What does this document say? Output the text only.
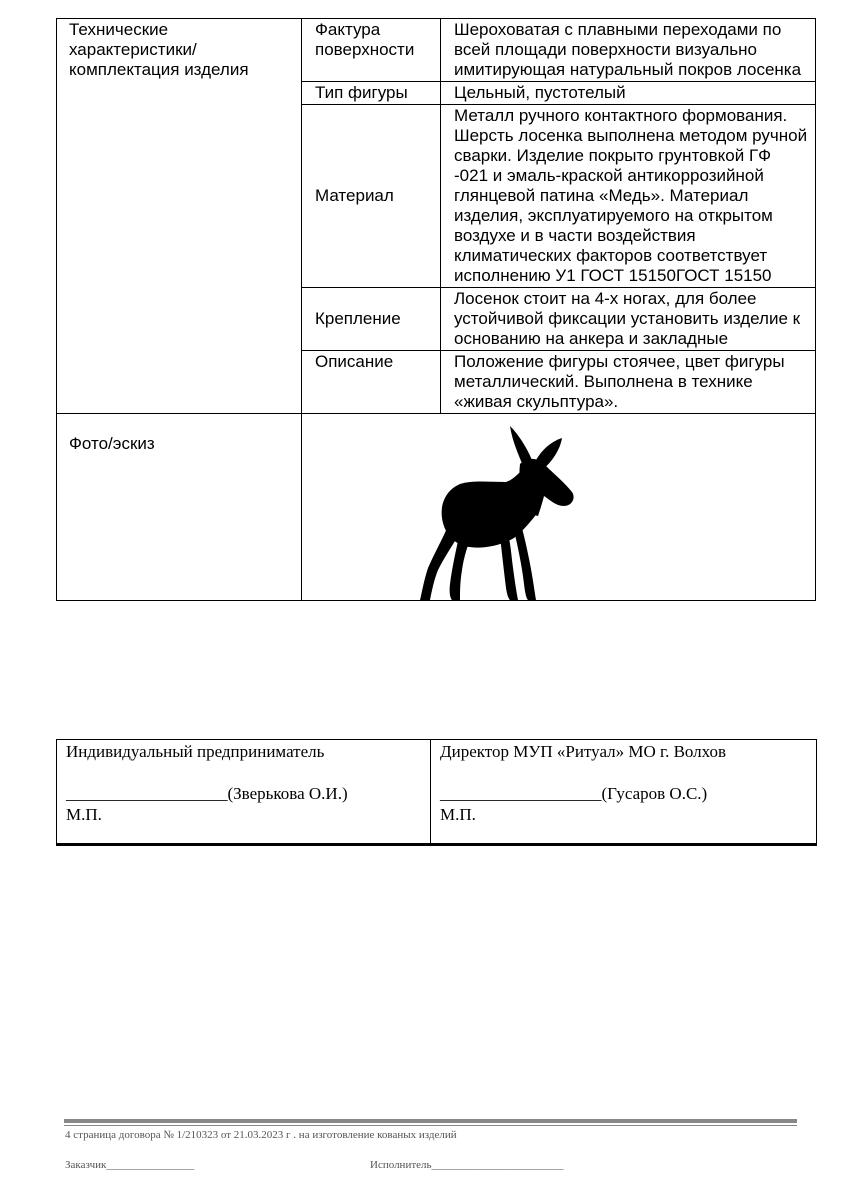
Технические характеристики/ комплектация изделия	Фактура поверхности	Шероховатая с плавными переходами по всей площади поверхности визуально имитирующая натуральный покров лосенка
	Тип фигуры	Цельный, пустотелый
	Материал	Металл ручного контактного формования. Шерсть лосенка выполнена методом ручной сварки. Изделие покрыто грунтовкой ГФ -021 и эмаль-краской антикоррозийной глянцевой патина «Медь». Материал изделия, эксплуатируемого на открытом воздухе и в части воздействия климатических факторов соответствует исполнению У1 ГОСТ 15150ГОСТ 15150
	Крепление	Лосенок стоит на 4-х ногах, для более устойчивой фиксации установить изделие к основанию на анкера и закладные
	Описание	Положение фигуры стоячее, цвет фигуры металлический. Выполнена в технике «живая скульптура».
Фото/эскиз	
Индивидуальный предприниматель
___________________(Зверькова О.И.)
М.П.

Директор МУП «Ритуал» МО г. Волхов
___________________(Гусаров О.С.)
М.П.
4 страница договора № 1/210323 от 21.03.2023 г . на изготовление кованых изделий
Заказчик________________	Исполнитель________________________
